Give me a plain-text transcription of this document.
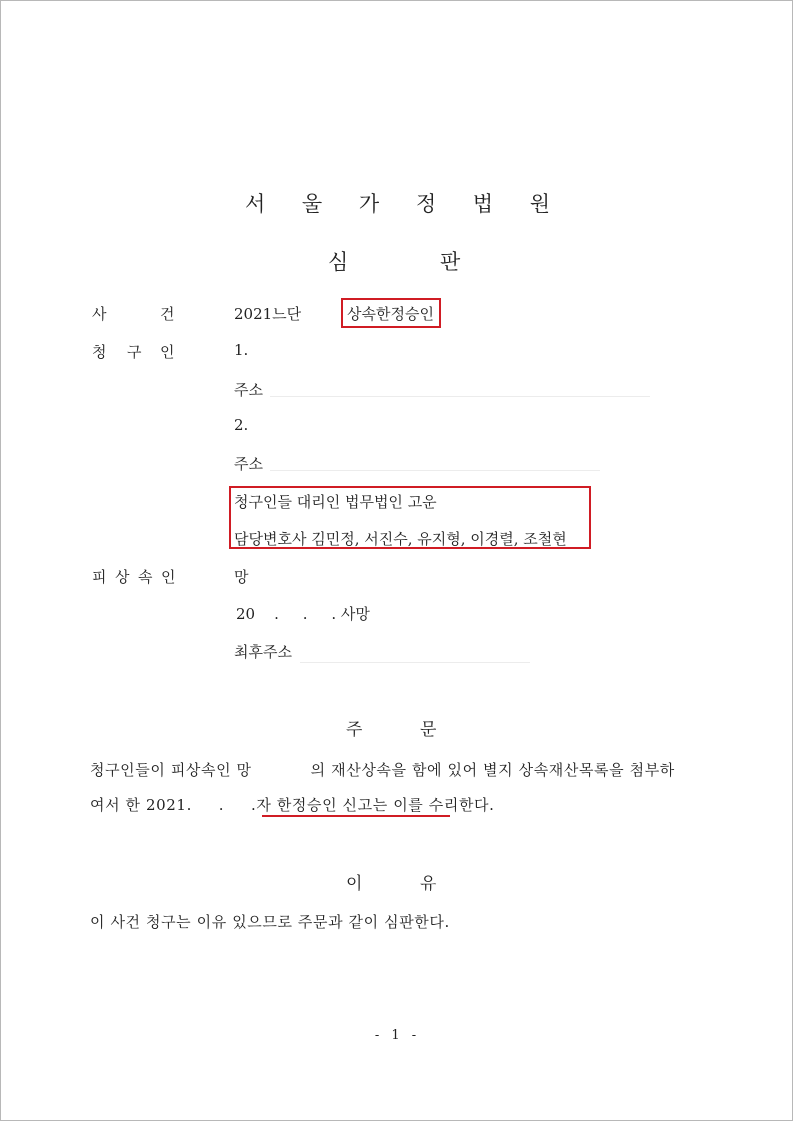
서 울 가 정 법 원
심	판
사	건	2021느단	상속한정승인
청 구 인	1.
주소
2.
주소
청구인들 대리인 법무법인 고운
담당변호사 김민정, 서진수, 유지형, 이경렬, 조철현
피 상 속 인	망
20    .     .     . 사망
최후주소
주	문
청구인들이 피상속인 망           의 재산상속을 함에 있어 별지 상속재산목록을 첨부하
여서 한 2021.     .     .자 한정승인 신고는 이를 수리한다.
이	유
이 사건 청구는 이유 있으므로 주문과 같이 심판한다.
- 1 -
